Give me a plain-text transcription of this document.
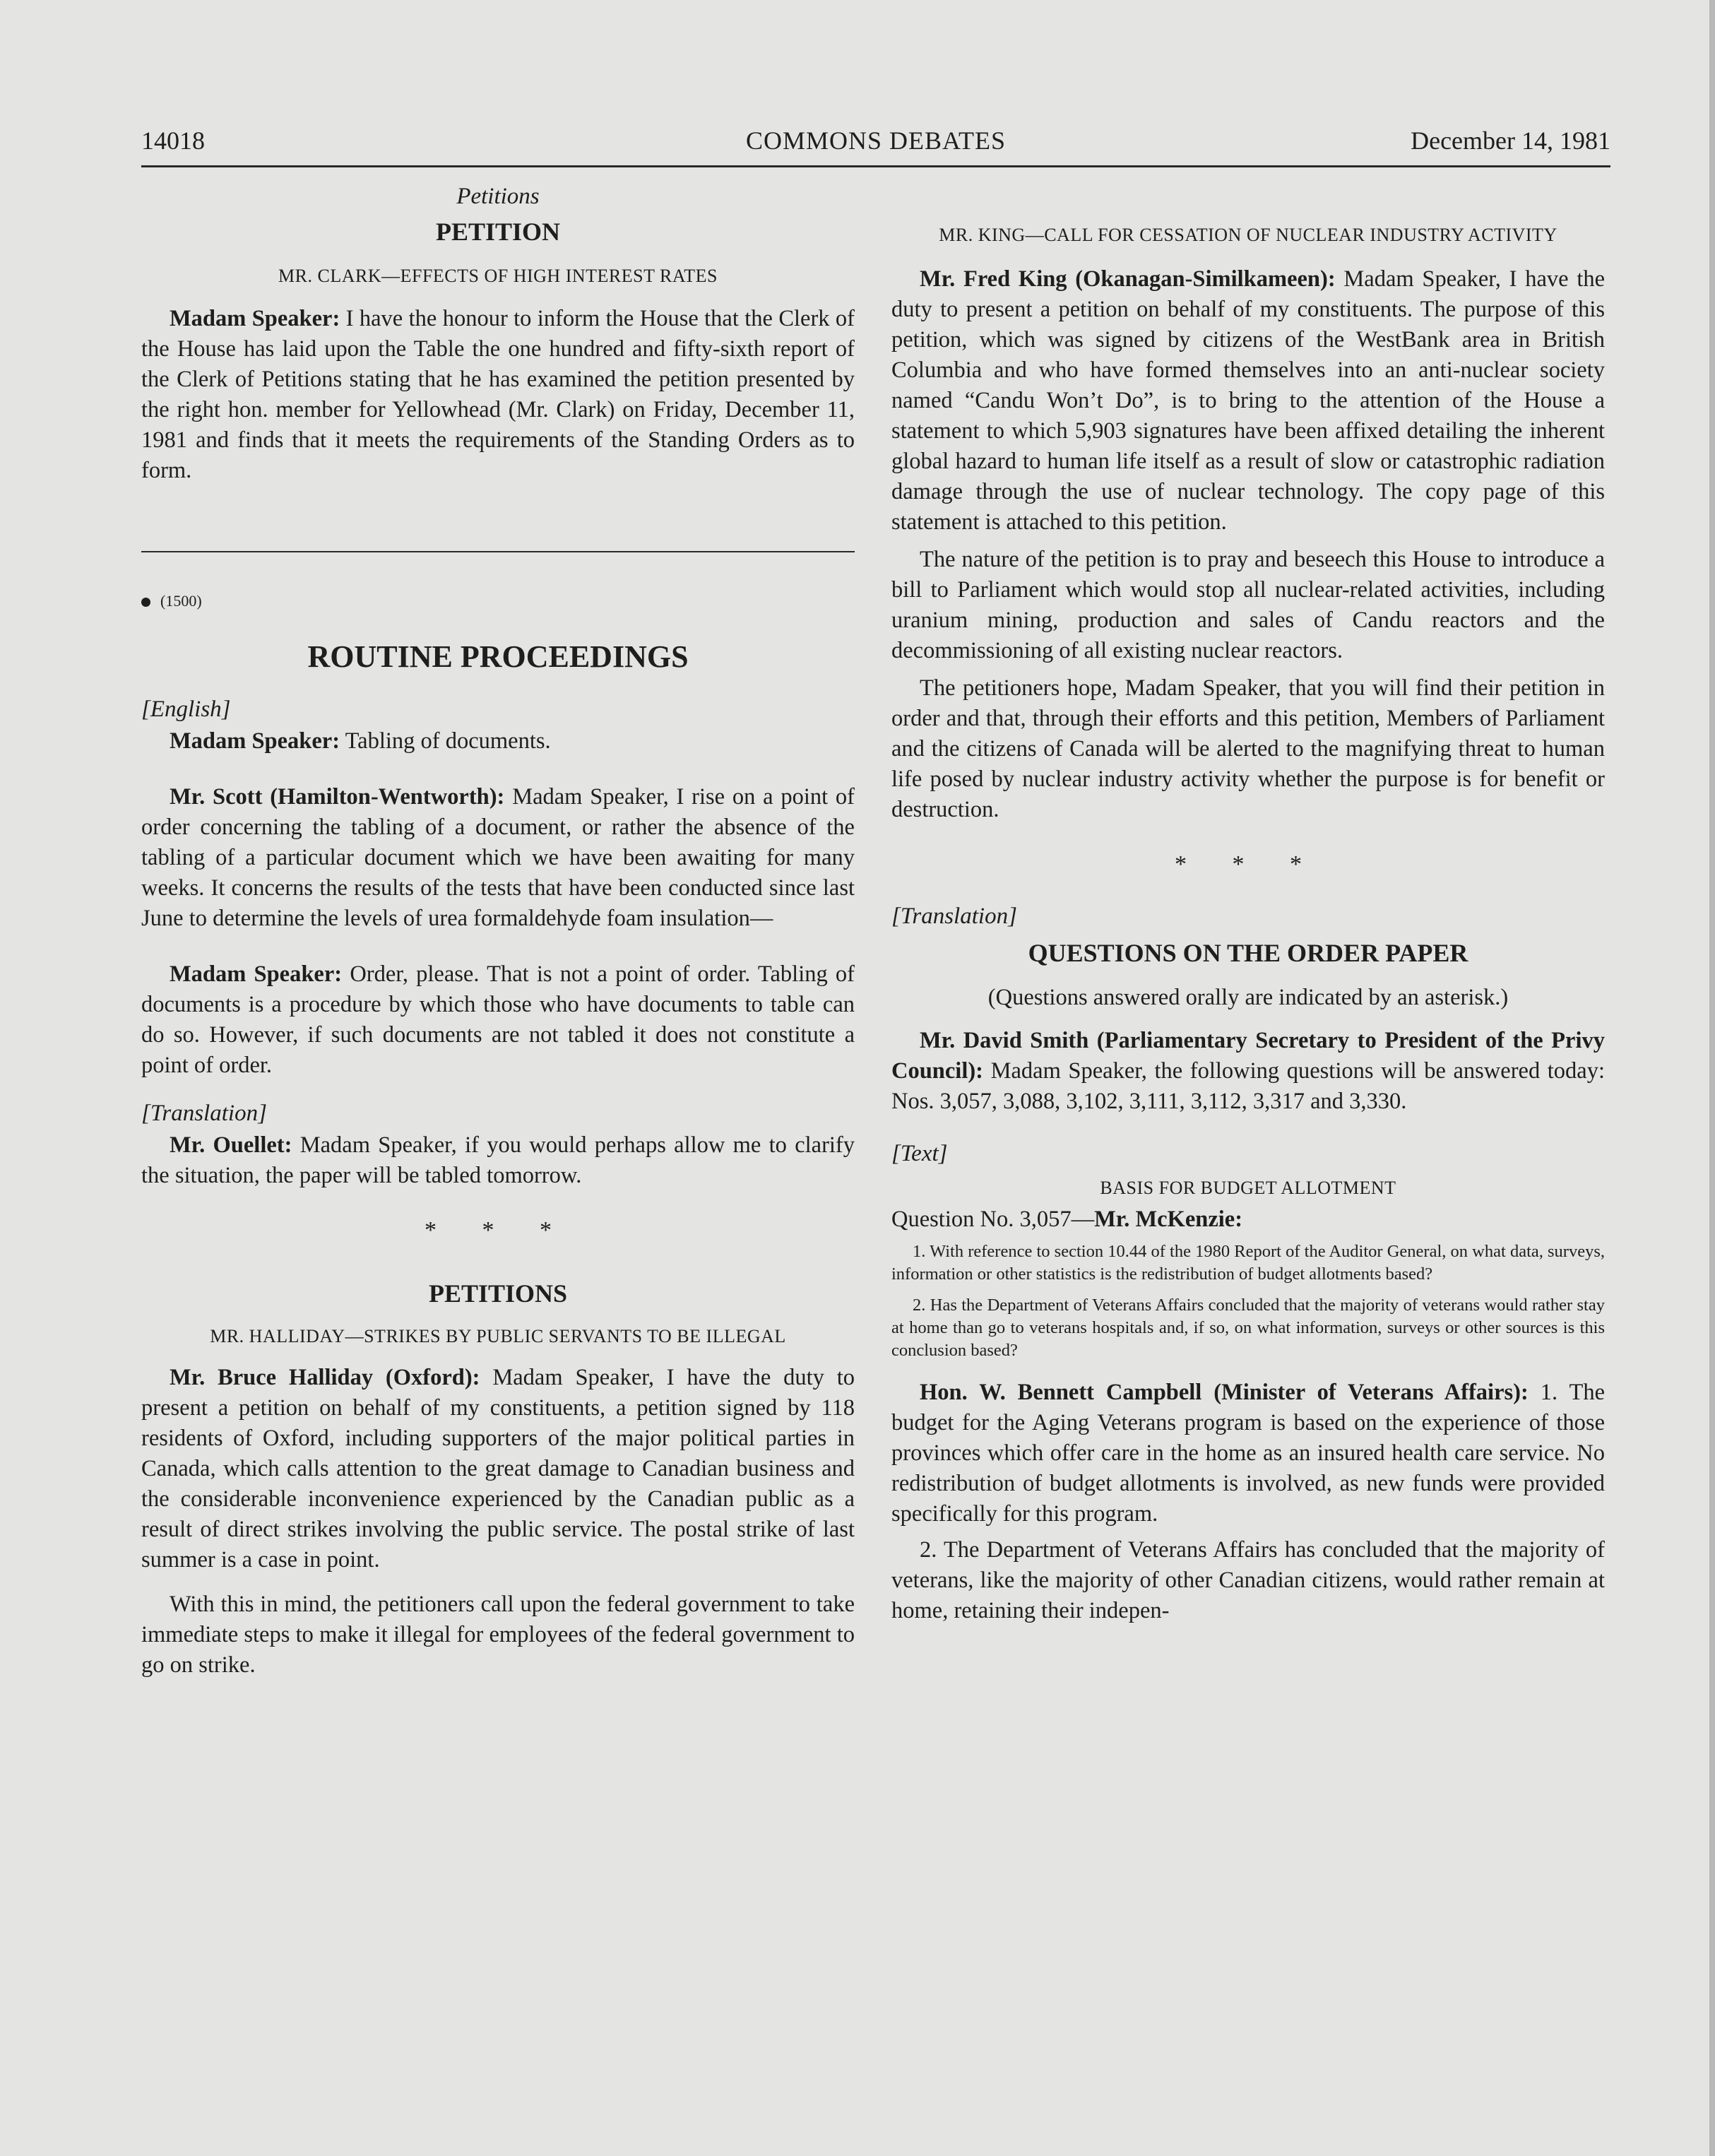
14018	COMMONS DEBATES	December 14, 1981

Petitions

PETITION

MR. CLARK—EFFECTS OF HIGH INTEREST RATES

Madam Speaker: I have the honour to inform the House that the Clerk of the House has laid upon the Table the one hundred and fifty-sixth report of the Clerk of Petitions stating that he has examined the petition presented by the right hon. member for Yellowhead (Mr. Clark) on Friday, December 11, 1981 and finds that it meets the requirements of the Standing Orders as to form.

(1500)

ROUTINE PROCEEDINGS

[English]

Madam Speaker: Tabling of documents.

Mr. Scott (Hamilton-Wentworth): Madam Speaker, I rise on a point of order concerning the tabling of a document, or rather the absence of the tabling of a particular document which we have been awaiting for many weeks. It concerns the results of the tests that have been conducted since last June to determine the levels of urea formaldehyde foam insulation—

Madam Speaker: Order, please. That is not a point of order. Tabling of documents is a procedure by which those who have documents to table can do so. However, if such documents are not tabled it does not constitute a point of order.

[Translation]

Mr. Ouellet: Madam Speaker, if you would perhaps allow me to clarify the situation, the paper will be tabled tomorrow.

* * *

PETITIONS

MR. HALLIDAY—STRIKES BY PUBLIC SERVANTS TO BE ILLEGAL

Mr. Bruce Halliday (Oxford): Madam Speaker, I have the duty to present a petition on behalf of my constituents, a petition signed by 118 residents of Oxford, including supporters of the major political parties in Canada, which calls attention to the great damage to Canadian business and the considerable inconvenience experienced by the Canadian public as a result of direct strikes involving the public service. The postal strike of last summer is a case in point.

With this in mind, the petitioners call upon the federal government to take immediate steps to make it illegal for employees of the federal government to go on strike.

MR. KING—CALL FOR CESSATION OF NUCLEAR INDUSTRY ACTIVITY

Mr. Fred King (Okanagan-Similkameen): Madam Speaker, I have the duty to present a petition on behalf of my constituents. The purpose of this petition, which was signed by citizens of the WestBank area in British Columbia and who have formed themselves into an anti-nuclear society named “Candu Won’t Do”, is to bring to the attention of the House a statement to which 5,903 signatures have been affixed detailing the inherent global hazard to human life itself as a result of slow or catastrophic radiation damage through the use of nuclear technology. The copy page of this statement is attached to this petition.

The nature of the petition is to pray and beseech this House to introduce a bill to Parliament which would stop all nuclear-related activities, including uranium mining, production and sales of Candu reactors and the decommissioning of all existing nuclear reactors.

The petitioners hope, Madam Speaker, that you will find their petition in order and that, through their efforts and this petition, Members of Parliament and the citizens of Canada will be alerted to the magnifying threat to human life posed by nuclear industry activity whether the purpose is for benefit or destruction.

* * *

[Translation]

QUESTIONS ON THE ORDER PAPER

(Questions answered orally are indicated by an asterisk.)

Mr. David Smith (Parliamentary Secretary to President of the Privy Council): Madam Speaker, the following questions will be answered today: Nos. 3,057, 3,088, 3,102, 3,111, 3,112, 3,317 and 3,330.

[Text]

BASIS FOR BUDGET ALLOTMENT

Question No. 3,057—Mr. McKenzie:

1. With reference to section 10.44 of the 1980 Report of the Auditor General, on what data, surveys, information or other statistics is the redistribution of budget allotments based?

2. Has the Department of Veterans Affairs concluded that the majority of veterans would rather stay at home than go to veterans hospitals and, if so, on what information, surveys or other sources is this conclusion based?

Hon. W. Bennett Campbell (Minister of Veterans Affairs): 1. The budget for the Aging Veterans program is based on the experience of those provinces which offer care in the home as an insured health care service. No redistribution of budget allotments is involved, as new funds were provided specifically for this program.

2. The Department of Veterans Affairs has concluded that the majority of veterans, like the majority of other Canadian citizens, would rather remain at home, retaining their indepen-
